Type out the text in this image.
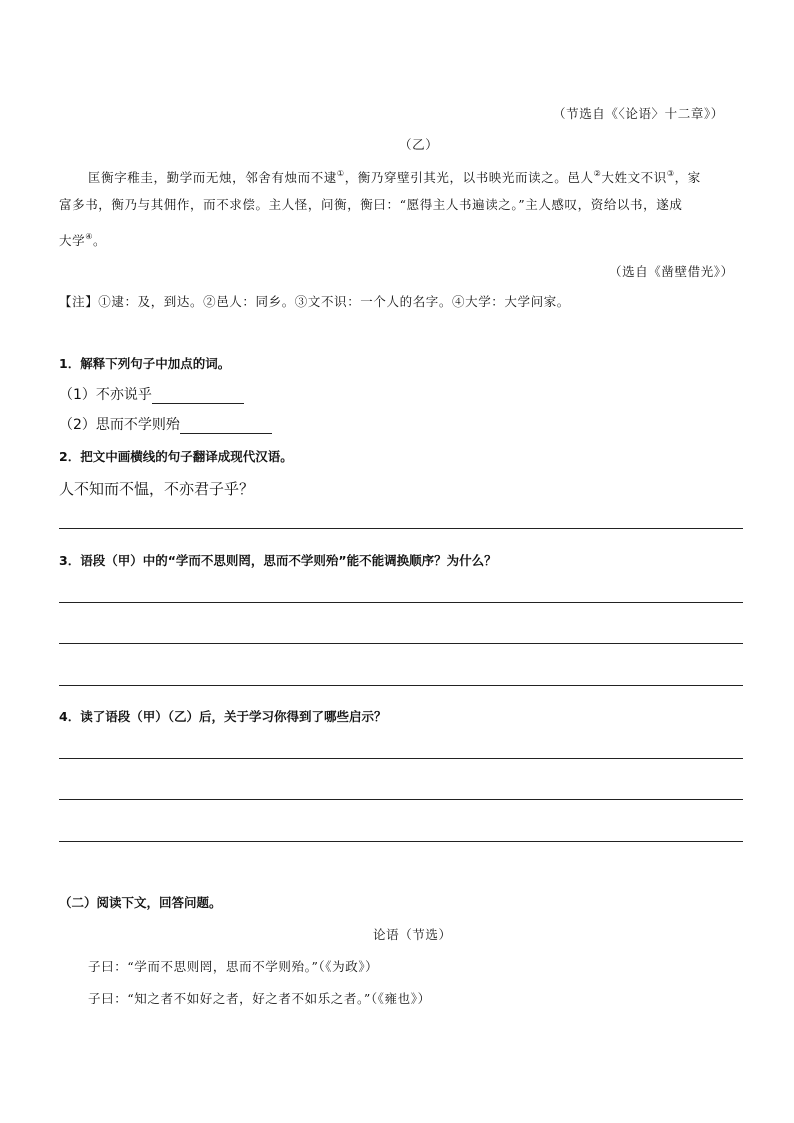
（节选自《〈论语〉十二章》）
（乙）
匡衡字稚圭，勤学而无烛，邻舍有烛而不逮①，衡乃穿壁引其光，以书映光而读之。邑人②大姓文不识③，家
富多书，衡乃与其佣作，而不求偿。主人怪，问衡，衡曰：“愿得主人书遍读之。”主人感叹，资给以书，遂成
大学④。
（选自《凿壁借光》）
【注】①逮：及，到达。②邑人：同乡。③文不识：一个人的名字。④大学：大学问家。
1．解释下列句子中加点的词。
（1）不亦说乎
（2）思而不学则殆
2．把文中画横线的句子翻译成现代汉语。
人不知而不愠，不亦君子乎？
3．语段（甲）中的“学而不思则罔，思而不学则殆”能不能调换顺序？为什么？
4．读了语段（甲）（乙）后，关于学习你得到了哪些启示？
（二）阅读下文，回答问题。
论语（节选）
子曰：“学而不思则罔，思而不学则殆。”（《为政》）
子曰：“知之者不如好之者，好之者不如乐之者。”（《雍也》）
